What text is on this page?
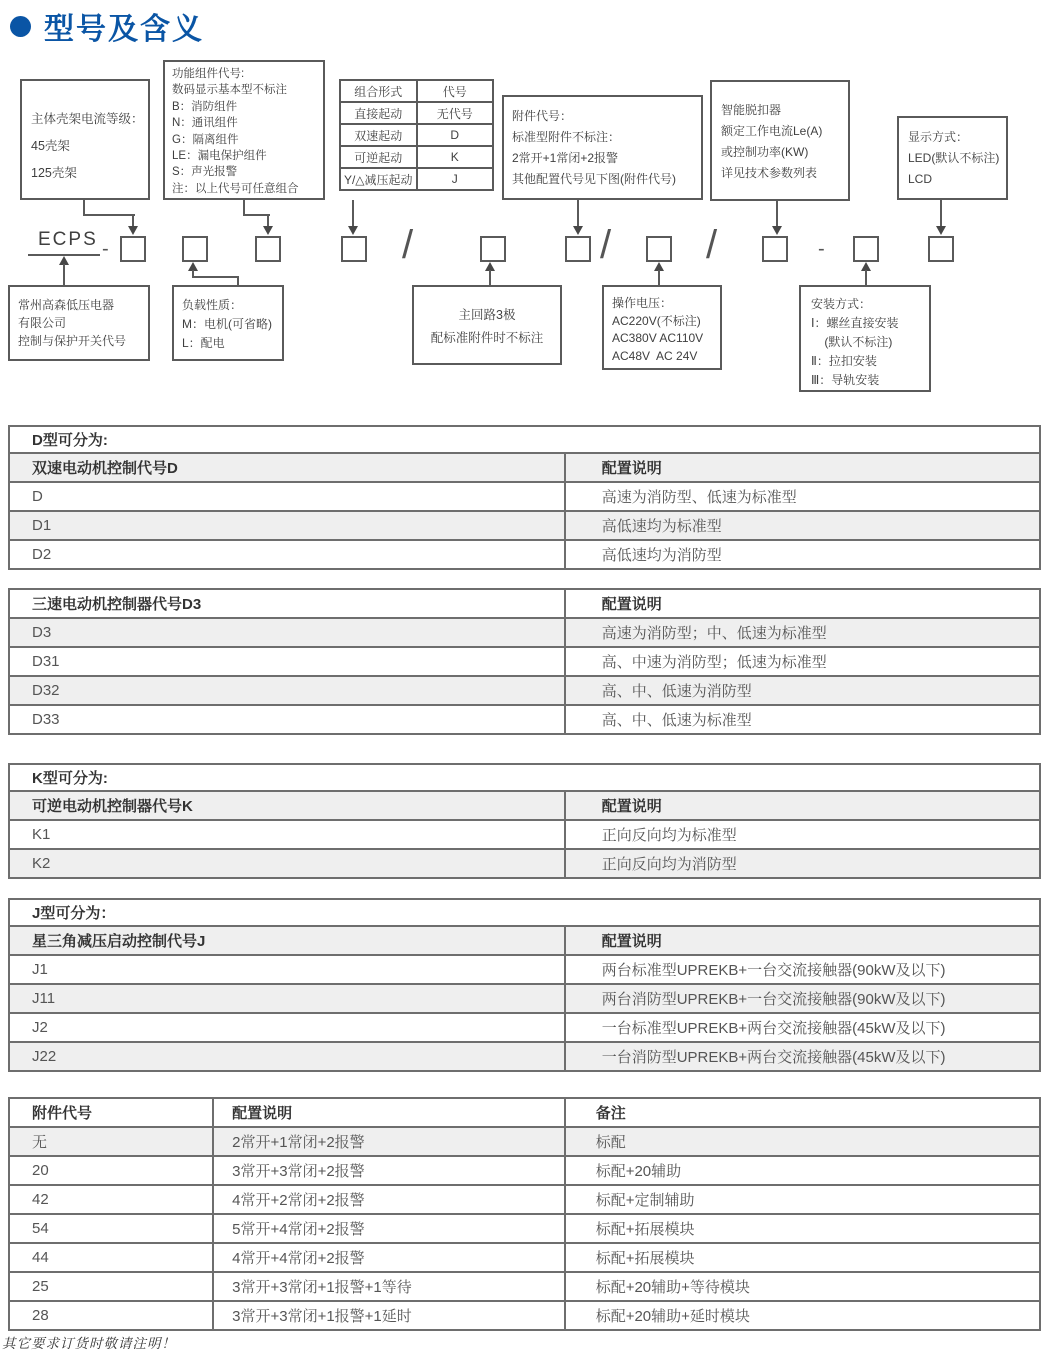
型号及含义
主体壳架电流等级：
45壳架
125壳架
功能组件代号:
数码显示基本型不标注
B：消防组件
N：通讯组件
G：隔离组件
LE：漏电保护组件
S：声光报警
注：以上代号可任意组合
组合形式	代号
直接起动	无代号
双速起动	D
可逆起动	K
Y/△减压起动	J
附件代号：
标准型附件不标注：
2常开+1常闭+2报警
其他配置代号见下图(附件代号)
智能脱扣器
额定工作电流Le(A)
或控制功率(KW)
详见技术参数列表
显示方式：
LED(默认不标注)
LCD
ECPS -	/	/ /	-
常州高森低压电器
有限公司
控制与保护开关代号
负载性质：
M：电机(可省略)
L：配电
主回路3极
配标准附件时不标注
操作电压：
AC220V(不标注)
AC380V AC110V
AC48V  AC 24V
安装方式：
Ⅰ：螺丝直接安装
(默认不标注)
Ⅱ：拉扣安装
Ⅲ：导轨安装
D型可分为:	
双速电动机控制代号D	配置说明
D	高速为消防型、低速为标准型
D1	高低速均为标准型
D2	高低速均为消防型
三速电动机控制器代号D3	配置说明
D3	高速为消防型；中、低速为标准型
D31	高、中速为消防型；低速为标准型
D32	高、中、低速为消防型
D33	高、中、低速为标准型
K型可分为:	
可逆电动机控制器代号K	配置说明
K1	正向反向均为标准型
K2	正向反向均为消防型
J型可分为：	
星三角减压启动控制代号J	配置说明
J1	两台标准型UPREKB+一台交流接触器(90kW及以下)
J11	两台消防型UPREKB+一台交流接触器(90kW及以下)
J2	一台标准型UPREKB+两台交流接触器(45kW及以下)
J22	一台消防型UPREKB+两台交流接触器(45kW及以下)
附件代号	配置说明	备注
无	2常开+1常闭+2报警	标配
20	3常开+3常闭+2报警	标配+20辅助
42	4常开+2常闭+2报警	标配+定制辅助
54	5常开+4常闭+2报警	标配+拓展模块
44	4常开+4常闭+2报警	标配+拓展模块
25	3常开+3常闭+1报警+1等待	标配+20辅助+等待模块
28	3常开+3常闭+1报警+1延时	标配+20辅助+延时模块
其它要求订货时敬请注明！
